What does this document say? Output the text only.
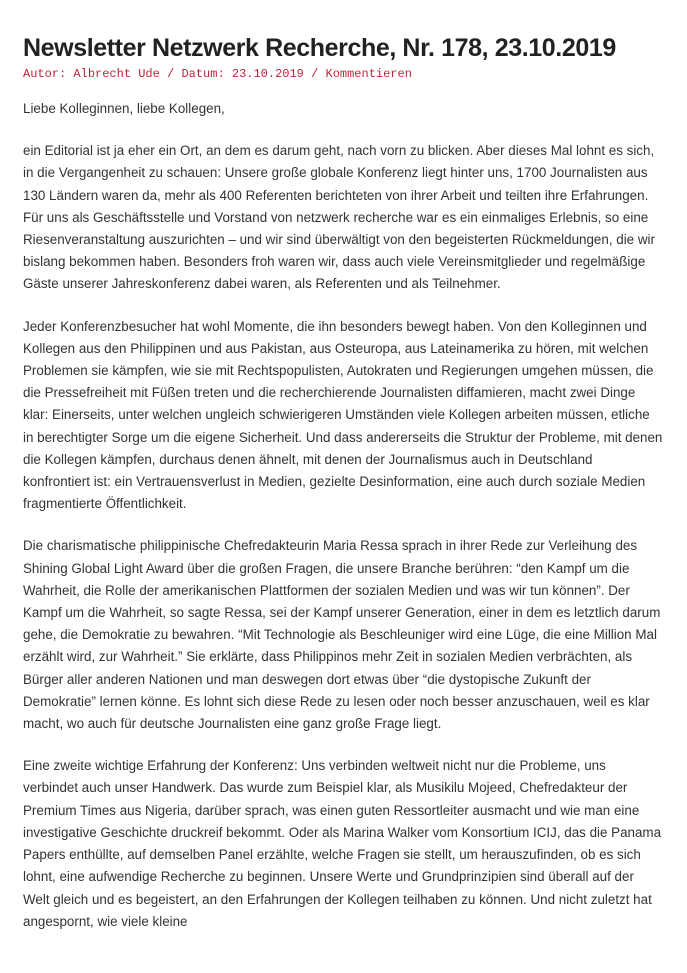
Newsletter Netzwerk Recherche, Nr. 178, 23.10.2019
Autor: Albrecht Ude / Datum: 23.10.2019 / Kommentieren

Liebe Kolleginnen, liebe Kollegen,

ein Editorial ist ja eher ein Ort, an dem es darum geht, nach vorn zu blicken. Aber dieses Mal lohnt es sich, in die Vergangenheit zu schauen: Unsere große globale Konferenz liegt hinter uns, 1700 Journalisten aus 130 Ländern waren da, mehr als 400 Referenten berichteten von ihrer Arbeit und teilten ihre Erfahrungen. Für uns als Geschäftsstelle und Vorstand von netzwerk recherche war es ein einmaliges Erlebnis, so eine Riesenveranstaltung auszurichten – und wir sind überwältigt von den begeisterten Rückmeldungen, die wir bislang bekommen haben. Besonders froh waren wir, dass auch viele Vereinsmitglieder und regelmäßige Gäste unserer Jahreskonferenz dabei waren, als Referenten und als Teilnehmer.

Jeder Konferenzbesucher hat wohl Momente, die ihn besonders bewegt haben. Von den Kolleginnen und Kollegen aus den Philippinen und aus Pakistan, aus Osteuropa, aus Lateinamerika zu hören, mit welchen Problemen sie kämpfen, wie sie mit Rechtspopulisten, Autokraten und Regierungen umgehen müssen, die die Pressefreiheit mit Füßen treten und die recherchierende Journalisten diffamieren, macht zwei Dinge klar: Einerseits, unter welchen ungleich schwierigeren Umständen viele Kollegen arbeiten müssen, etliche in berechtigter Sorge um die eigene Sicherheit. Und dass andererseits die Struktur der Probleme, mit denen die Kollegen kämpfen, durchaus denen ähnelt, mit denen der Journalismus auch in Deutschland konfrontiert ist: ein Vertrauensverlust in Medien, gezielte Desinformation, eine auch durch soziale Medien fragmentierte Öffentlichkeit.

Die charismatische philippinische Chefredakteurin Maria Ressa sprach in ihrer Rede zur Verleihung des Shining Global Light Award über die großen Fragen, die unsere Branche berühren: “den Kampf um die Wahrheit, die Rolle der amerikanischen Plattformen der sozialen Medien und was wir tun können”. Der Kampf um die Wahrheit, so sagte Ressa, sei der Kampf unserer Generation, einer in dem es letztlich darum gehe, die Demokratie zu bewahren. “Mit Technologie als Beschleuniger wird eine Lüge, die eine Million Mal erzählt wird, zur Wahrheit.” Sie erklärte, dass Philippinos mehr Zeit in sozialen Medien verbrächten, als Bürger aller anderen Nationen und man deswegen dort etwas über “die dystopische Zukunft der Demokratie” lernen könne. Es lohnt sich diese Rede zu lesen oder noch besser anzuschauen, weil es klar macht, wo auch für deutsche Journalisten eine ganz große Frage liegt.

Eine zweite wichtige Erfahrung der Konferenz: Uns verbinden weltweit nicht nur die Probleme, uns verbindet auch unser Handwerk. Das wurde zum Beispiel klar, als Musikilu Mojeed, Chefredakteur der Premium Times aus Nigeria, darüber sprach, was einen guten Ressortleiter ausmacht und wie man eine investigative Geschichte druckreif bekommt. Oder als Marina Walker vom Konsortium ICIJ, das die Panama Papers enthüllte, auf demselben Panel erzählte, welche Fragen sie stellt, um herauszufinden, ob es sich lohnt, eine aufwendige Recherche zu beginnen. Unsere Werte und Grundprinzipien sind überall auf der Welt gleich und es begeistert, an den Erfahrungen der Kollegen teilhaben zu können. Und nicht zuletzt hat angespornt, wie viele kleine
